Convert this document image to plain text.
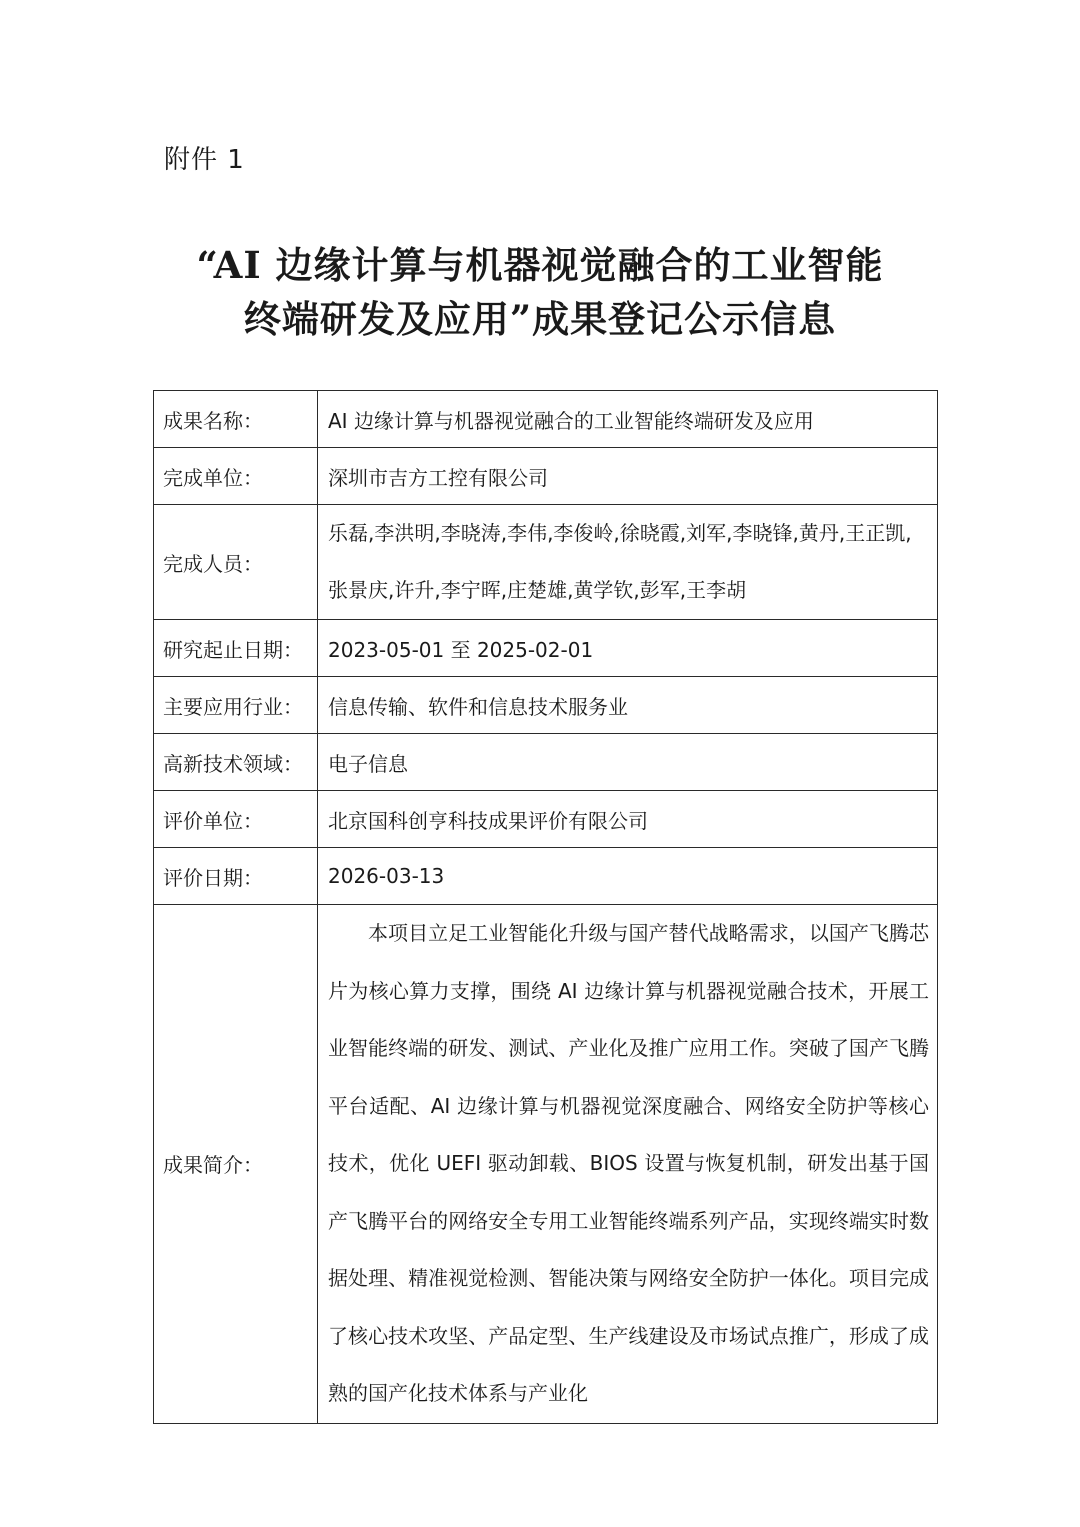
附件 1
“AI 边缘计算与机器视觉融合的工业智能
终端研发及应用”成果登记公示信息
成果名称：	AI 边缘计算与机器视觉融合的工业智能终端研发及应用
完成单位：	深圳市吉方工控有限公司
完成人员：	乐磊,李洪明,李晓涛,李伟,李俊岭,徐晓霞,刘军,李晓锋,黄丹,王正凯,张景庆,许升,李宁晖,庄楚雄,黄学钦,彭军,王李胡
研究起止日期：	2023-05-01 至 2025-02-01
主要应用行业：	信息传输、软件和信息技术服务业
高新技术领域：	电子信息
评价单位：	北京国科创亨科技成果评价有限公司
评价日期：	2026-03-13
成果简介：	本项目立足工业智能化升级与国产替代战略需求，以国产飞腾芯片为核心算力支撑，围绕 AI 边缘计算与机器视觉融合技术，开展工业智能终端的研发、测试、产业化及推广应用工作。突破了国产飞腾平台适配、AI 边缘计算与机器视觉深度融合、网络安全防护等核心技术，优化 UEFI 驱动卸载、BIOS 设置与恢复机制，研发出基于国产飞腾平台的网络安全专用工业智能终端系列产品，实现终端实时数据处理、精准视觉检测、智能决策与网络安全防护一体化。项目完成了核心技术攻坚、产品定型、生产线建设及市场试点推广，形成了成熟的国产化技术体系与产业化
